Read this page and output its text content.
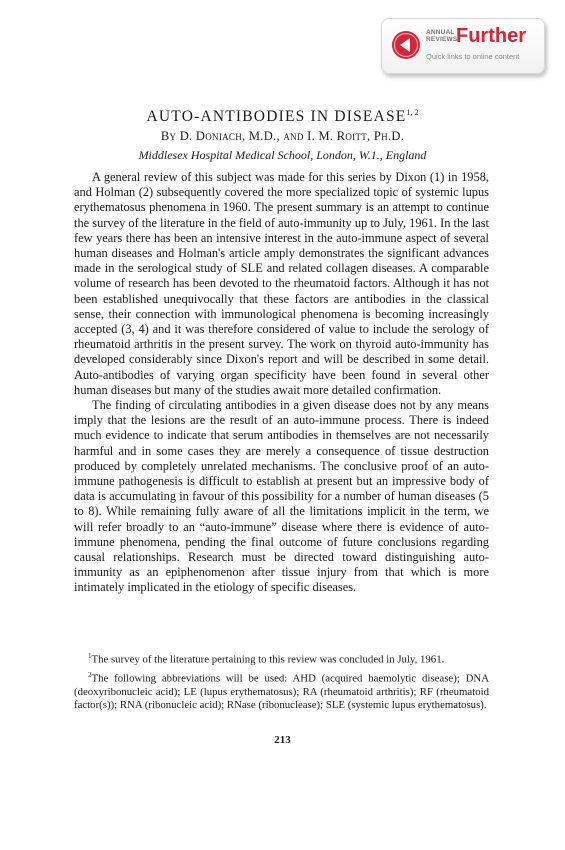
ANNUAL
REVIEWS
Further
Quick links to online content
AUTO-ANTIBODIES IN DISEASE$^{1, 2}$
By D. Doniach, M.D., and I. M. Roitt, Ph.D.
Middlesex Hospital Medical School, London, W.1., England

A general review of this subject was made for this series by Dixon (1) in 1958, and Holman (2) subsequently covered the more specialized topic of systemic lupus erythematosus phenomena in 1960. The present summary is an attempt to continue the survey of the literature in the field of auto-immunity up to July, 1961. In the last few years there has been an intensive interest in the auto-immune aspect of several human diseases and Holman's article amply demonstrates the significant advances made in the serological study of SLE and related collagen diseases. A comparable volume of research has been devoted to the rheumatoid factors. Although it has not been established unequivocally that these factors are antibodies in the classical sense, their connection with immunological phenomena is becoming increasingly accepted (3, 4) and it was therefore considered of value to include the serology of rheumatoid arthritis in the present survey. The work on thyroid auto-immunity has developed considerably since Dixon's report and will be described in some detail. Auto-antibodies of varying organ specificity have been found in several other human diseases but many of the studies await more detailed confirmation.

The finding of circulating antibodies in a given disease does not by any means imply that the lesions are the result of an auto-immune process. There is indeed much evidence to indicate that serum antibodies in themselves are not necessarily harmful and in some cases they are merely a consequence of tissue destruction produced by completely unrelated mechanisms. The conclusive proof of an auto-immune pathogenesis is difficult to establish at present but an impressive body of data is accumulating in favour of this possibility for a number of human diseases (5 to 8). While remaining fully aware of all the limitations implicit in the term, we will refer broadly to an “auto-immune” disease where there is evidence of auto-immune phenomena, pending the final outcome of future conclusions regarding causal relationships. Research must be directed toward distinguishing auto-immunity as an epiphenomenon after tissue injury from that which is more intimately implicated in the etiology of specific diseases.

$^1$The survey of the literature pertaining to this review was concluded in July, 1961.

$^2$The following abbreviations will be used: AHD (acquired haemolytic disease); DNA (deoxyribonucleic acid); LE (lupus erythematosus); RA (rheumatoid arthritis); RF (rheumatoid factor(s)); RNA (ribonucleic acid); RNase (ribonuclease); SLE (systemic lupus erythematosus).

213
